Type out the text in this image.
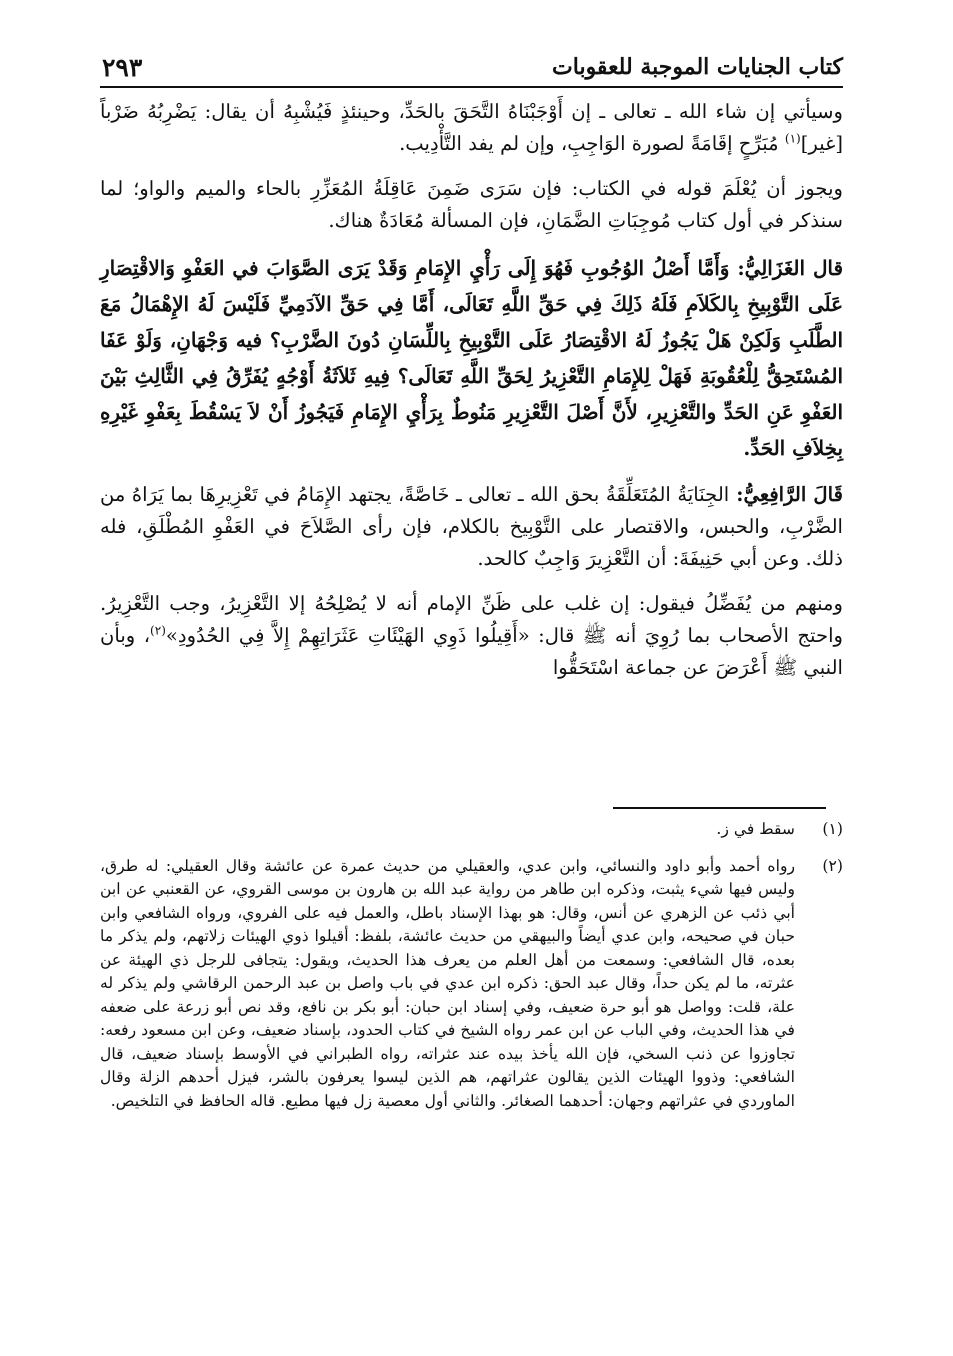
٢٩٣	كتاب الجنايات الموجبة للعقوبات

وسيأتي إن شاء الله ـ تعالى ـ إن أَوْجَبْنَاهُ التَّحَقَ بالحَدِّ، وحينئذٍ فَيُشْبِهُ أن يقال: يَضْرِبُهُ ضَرْباً [غير]$^{(١)}$ مُبَرِّحٍ إقَامَةً لصورة الوَاجِبِ، وإن لم يفد التَّأْدِيب.

ويجوز أن يُعْلَمَ قوله في الكتاب: فإن سَرَى ضَمِنَ عَاقِلَةُ المُعَزِّرِ بالحاء والميم والواو؛ لما سنذكر في أول كتاب مُوجِبَاتِ الضَّمَانِ، فإن المسألة مُعَادَةٌ هناك.

قال الغَزَالِيُّ: وَأَمَّا أَصْلُ الوُجُوبِ فَهُوَ إِلَى رَأْيِ الإِمَامِ وَقَدْ يَرَى الصَّوَابَ في العَفْوِ وَالاقْتِصَارِ عَلَى التَّوْبِيخِ بِالكَلاَمِ فَلَهُ ذَلِكَ فِي حَقِّ اللَّهِ تَعَالَى، أَمَّا فِي حَقِّ الآدَمِيِّ فَلَيْسَ لَهُ الإِهْمَالُ مَعَ الطَّلَبِ وَلَكِنْ هَلْ يَجُوزُ لَهُ الاقْتِصَارُ عَلَى التَّوْبِيخِ بِاللِّسَانِ دُونَ الضَّرْبِ؟ فيه وَجْهَانِ، وَلَوْ عَفَا المُسْتَحِقُّ لِلْعُقُوبَةِ فَهَلْ لِلإِمَامِ التَّعْزِيرُ لِحَقِّ اللَّهِ تَعَالَى؟ فِيهِ ثَلاَثَةُ أَوْجُهٍ يُفَرِّقُ فِي الثَّالِثِ بَيْنَ العَفْوِ عَنِ الحَدِّ والتَّعْزِيرِ، لأَنَّ أَصْلَ التَّعْزِيرِ مَنُوطٌ بِرَأْيِ الإِمَامِ فَيَجُوزُ أَنْ لاَ يَسْقُطَ بِعَفْوِ غَيْرِهِ بِخِلاَفِ الحَدِّ.

قَالَ الرَّافِعِيُّ: الجِنَايَةُ المُتَعَلِّقَةُ بحق الله ـ تعالى ـ خَاصَّةً، يجتهد الإِمَامُ في تَعْزِيرِهَا بما يَرَاهُ من الضَّرْبِ، والحبس، والاقتصار على التَّوْبِيخ بالكلام، فإن رأى الصَّلاَحَ في العَفْوِ المُطْلَقِ، فله ذلك. وعن أبي حَنِيفَةَ: أن التَّعْزِيرَ وَاجِبٌ كالحد.

ومنهم من يُفَضِّلُ فيقول: إن غلب على ظَنِّ الإمام أنه لا يُصْلِحُهُ إلا التَّعْزِيرُ، وجب التَّعْزِيرُ. واحتج الأصحاب بما رُوِيَ أنه ﷺ قال: «أَقِيلُوا ذَوِي الهَيْئَاتِ عَثَرَاتِهِمْ إِلاَّ فِي الحُدُودِ»$^{(٢)}$، وبأن النبي ﷺ أَعْرَضَ عن جماعة اسْتَحَقُّوا

(١)
سقط في ز.
(٢)
رواه أحمد وأبو داود والنسائي، وابن عدي، والعقيلي من حديث عمرة عن عائشة وقال العقيلي: له طرق، وليس فيها شيء يثبت، وذكره ابن طاهر من رواية عبد الله بن هارون بن موسى القروي، عن القعنبي عن ابن أبي ذئب عن الزهري عن أنس، وقال: هو بهذا الإسناد باطل، والعمل فيه على الفروي، ورواه الشافعي وابن حبان في صحيحه، وابن عدي أيضاً والبيهقي من حديث عائشة، بلفظ: أقيلوا ذوي الهيئات زلاتهم، ولم يذكر ما بعده، قال الشافعي: وسمعت من أهل العلم من يعرف هذا الحديث، ويقول: يتجافى للرجل ذي الهيئة عن عثرته، ما لم يكن حداً، وقال عبد الحق: ذكره ابن عدي في باب واصل بن عبد الرحمن الرقاشي ولم يذكر له علة، قلت: وواصل هو أبو حرة ضعيف، وفي إسناد ابن حبان: أبو بكر بن نافع، وقد نص أبو زرعة على ضعفه في هذا الحديث، وفي الباب عن ابن عمر رواه الشيخ في كتاب الحدود، بإسناد ضعيف، وعن ابن مسعود رفعه: تجاوزوا عن ذنب السخي، فإن الله يأخذ بيده عند عثراته، رواه الطبراني في الأوسط بإسناد ضعيف، قال الشافعي: وذووا الهيئات الذين يقالون عثراتهم، هم الذين ليسوا يعرفون بالشر، فيزل أحدهم الزلة وقال الماوردي في عثراتهم وجهان: أحدهما الصغائر. والثاني أول معصية زل فيها مطيع. قاله الحافظ في التلخيص.
